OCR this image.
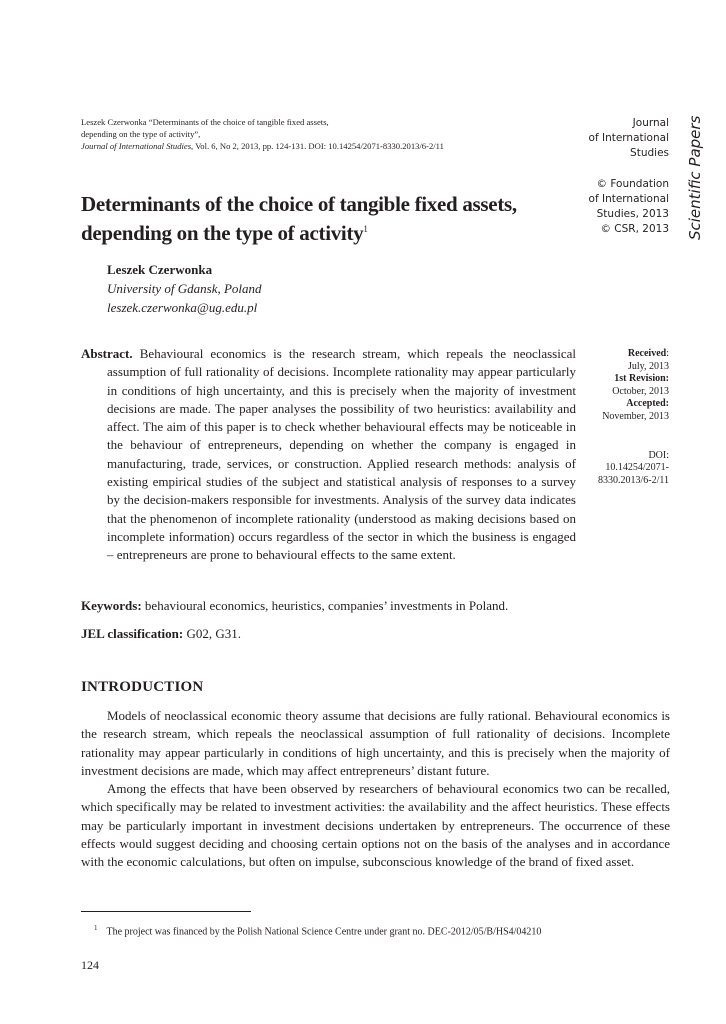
Leszek Czerwonka “Determinants of the choice of tangible fixed assets,
depending on the type of activity”,
Journal of International Studies, Vol. 6, No 2, 2013, pp. 124-131. DOI: 10.14254/2071-8330.2013/6-2/11
Journal
of International
Studies
© Foundation
of International
Studies, 2013
© CSR, 2013 Scientific Papers
Determinants of the choice of tangible fixed assets,
depending on the type of activity$^1$
Leszek Czerwonka
University of Gdansk, Poland
leszek.czerwonka@ug.edu.pl
Abstract. Behavioural economics is the research stream, which repeals the neoclassical assumption of full rationality of decisions. Incomplete rationality may appear particularly in conditions of high uncertainty, and this is precisely when the majority of investment decisions are made. The paper analyses the possibility of two heuristics: availability and affect. The aim of this paper is to check whether behavioural effects may be noticeable in the behaviour of entrepreneurs, depending on whether the company is engaged in manufacturing, trade, services, or construction. Applied research methods: analysis of existing empirical studies of the subject and statistical analysis of responses to a survey by the decision-makers responsible for investments. Analysis of the survey data indicates that the phenomenon of incomplete rationality (understood as making decisions based on incomplete information) occurs regardless of the sector in which the business is engaged – entrepreneurs are prone to behavioural effects to the same extent.
Received:
July, 2013
1st Revision:
October, 2013
Accepted:
November, 2013
DOI:
10.14254/2071-
8330.2013/6-2/11
Keywords: behavioural economics, heuristics, companies’ investments in Poland.
JEL classification: G02, G31.
INTRODUCTION

Models of neoclassical economic theory assume that decisions are fully rational. Behavioural economics is the research stream, which repeals the neoclassical assumption of full rationality of decisions. Incomplete rationality may appear particularly in conditions of high uncertainty, and this is precisely when the majority of investment decisions are made, which may affect entrepreneurs’ distant future.

Among the effects that have been observed by researchers of behavioural economics two can be recalled, which specifically may be related to investment activities: the availability and the affect heuristics. These effects may be particularly important in investment decisions undertaken by entrepreneurs. The occurrence of these effects would suggest deciding and choosing certain options not on the basis of the analyses and in accordance with the economic calculations, but often on impulse, subconscious knowledge of the brand of fixed asset.

$^1$ The project was financed by the Polish National Science Centre under grant no. DEC-2012/05/B/HS4/04210
124
